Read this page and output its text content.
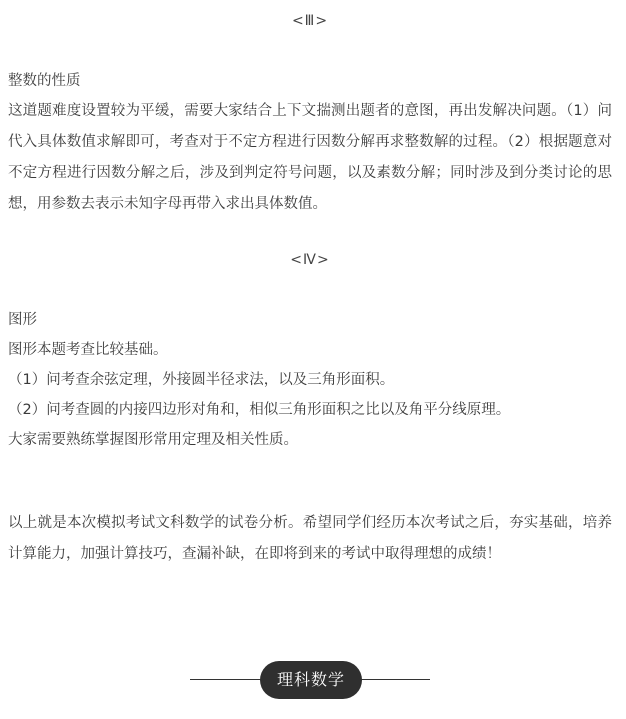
<Ⅲ>
整数的性质

这道题难度设置较为平缓，需要大家结合上下文揣测出题者的意图，再出发解决问题。（1）问代入具体数值求解即可，考查对于不定方程进行因数分解再求整数解的过程。（2）根据题意对不定方程进行因数分解之后，涉及到判定符号问题，以及素数分解；同时涉及到分类讨论的思想，用参数去表示未知字母再带入求出具体数值。

<Ⅳ>
图形

图形本题考查比较基础。

（1）问考查余弦定理，外接圆半径求法，以及三角形面积。

（2）问考查圆的内接四边形对角和，相似三角形面积之比以及角平分线原理。

大家需要熟练掌握图形常用定理及相关性质。

以上就是本次模拟考试文科数学的试卷分析。希望同学们经历本次考试之后，夯实基础，培养计算能力，加强计算技巧，查漏补缺，在即将到来的考试中取得理想的成绩！

理科数学
